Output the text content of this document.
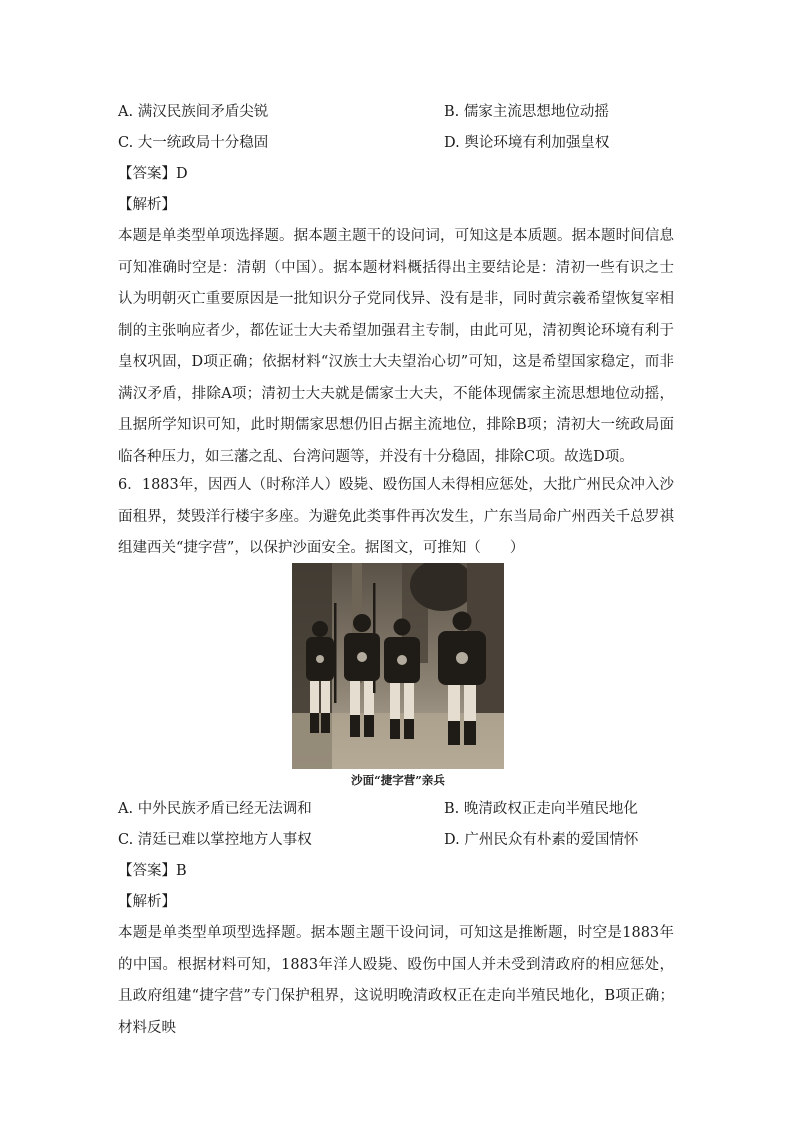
A. 满汉民族间矛盾尖锐	B. 儒家主流思想地位动摇
C. 大一统政局十分稳固	D. 舆论环境有利加强皇权
【答案】D
【解析】
本题是单类型单项选择题。据本题主题干的设问词，可知这是本质题。据本题时间信息可知准确时空是：清朝（中国）。据本题材料概括得出主要结论是：清初一些有识之士认为明朝灭亡重要原因是一批知识分子党同伐异、没有是非，同时黄宗羲希望恢复宰相制的主张响应者少，都佐证士大夫希望加强君主专制，由此可见，清初舆论环境有利于皇权巩固，D项正确；依据材料“汉族士大夫望治心切”可知，这是希望国家稳定，而非满汉矛盾，排除A项；清初士大夫就是儒家士大夫，不能体现儒家主流思想地位动摇，且据所学知识可知，此时期儒家思想仍旧占据主流地位，排除B项；清初大一统政局面临各种压力，如三藩之乱、台湾问题等，并没有十分稳固，排除C项。故选D项。
6．1883年，因西人（时称洋人）殴毙、殴伤国人未得相应惩处，大批广州民众冲入沙面租界，焚毁洋行楼宇多座。为避免此类事件再次发生，广东当局命广州西关千总罗祺组建西关“捷字营”，以保护沙面安全。据图文，可推知（　　）
沙面“捷字营”亲兵
A. 中外民族矛盾已经无法调和	B. 晚清政权正走向半殖民地化
C. 清廷已难以掌控地方人事权	D. 广州民众有朴素的爱国情怀
【答案】B
【解析】
本题是单类型单项型选择题。据本题主题干设问词，可知这是推断题，时空是1883年的中国。根据材料可知，1883年洋人殴毙、殴伤中国人并未受到清政府的相应惩处，且政府组建“捷字营”专门保护租界，这说明晚清政权正在走向半殖民地化，B项正确；材料反映
